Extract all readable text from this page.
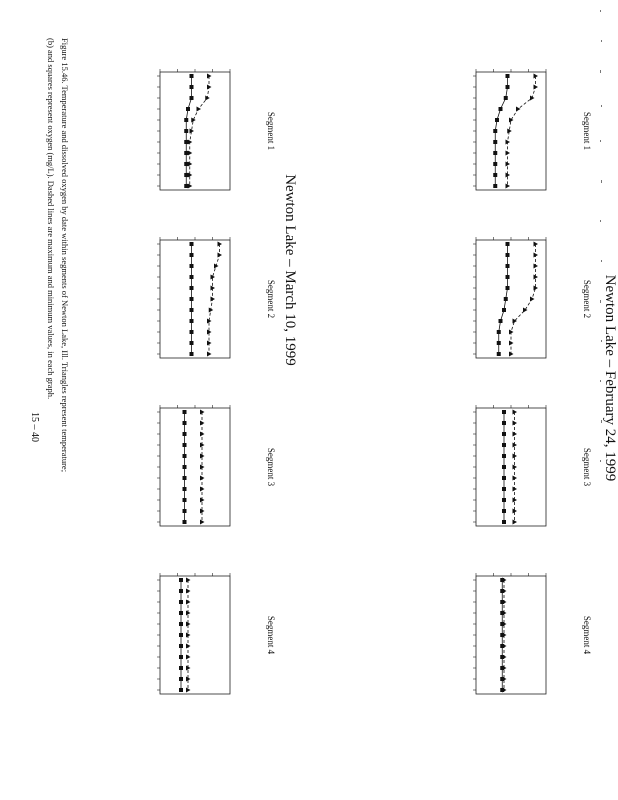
Newton Lake – February 24, 1999
Newton Lake – March 10, 1999
Figure 15.46. Temperature and dissolved oxygen by date within segments of Newton Lake, Ill. Triangles represent temperature;
(b) and squares represent oxygen (mg/L). Dashed lines are maximum and minimum values, in each graph.
15 – 40
Segment 1
Segment 2
Segment 3
Segment 4
Segment 1
Segment 2
Segment 3
Segment 4
